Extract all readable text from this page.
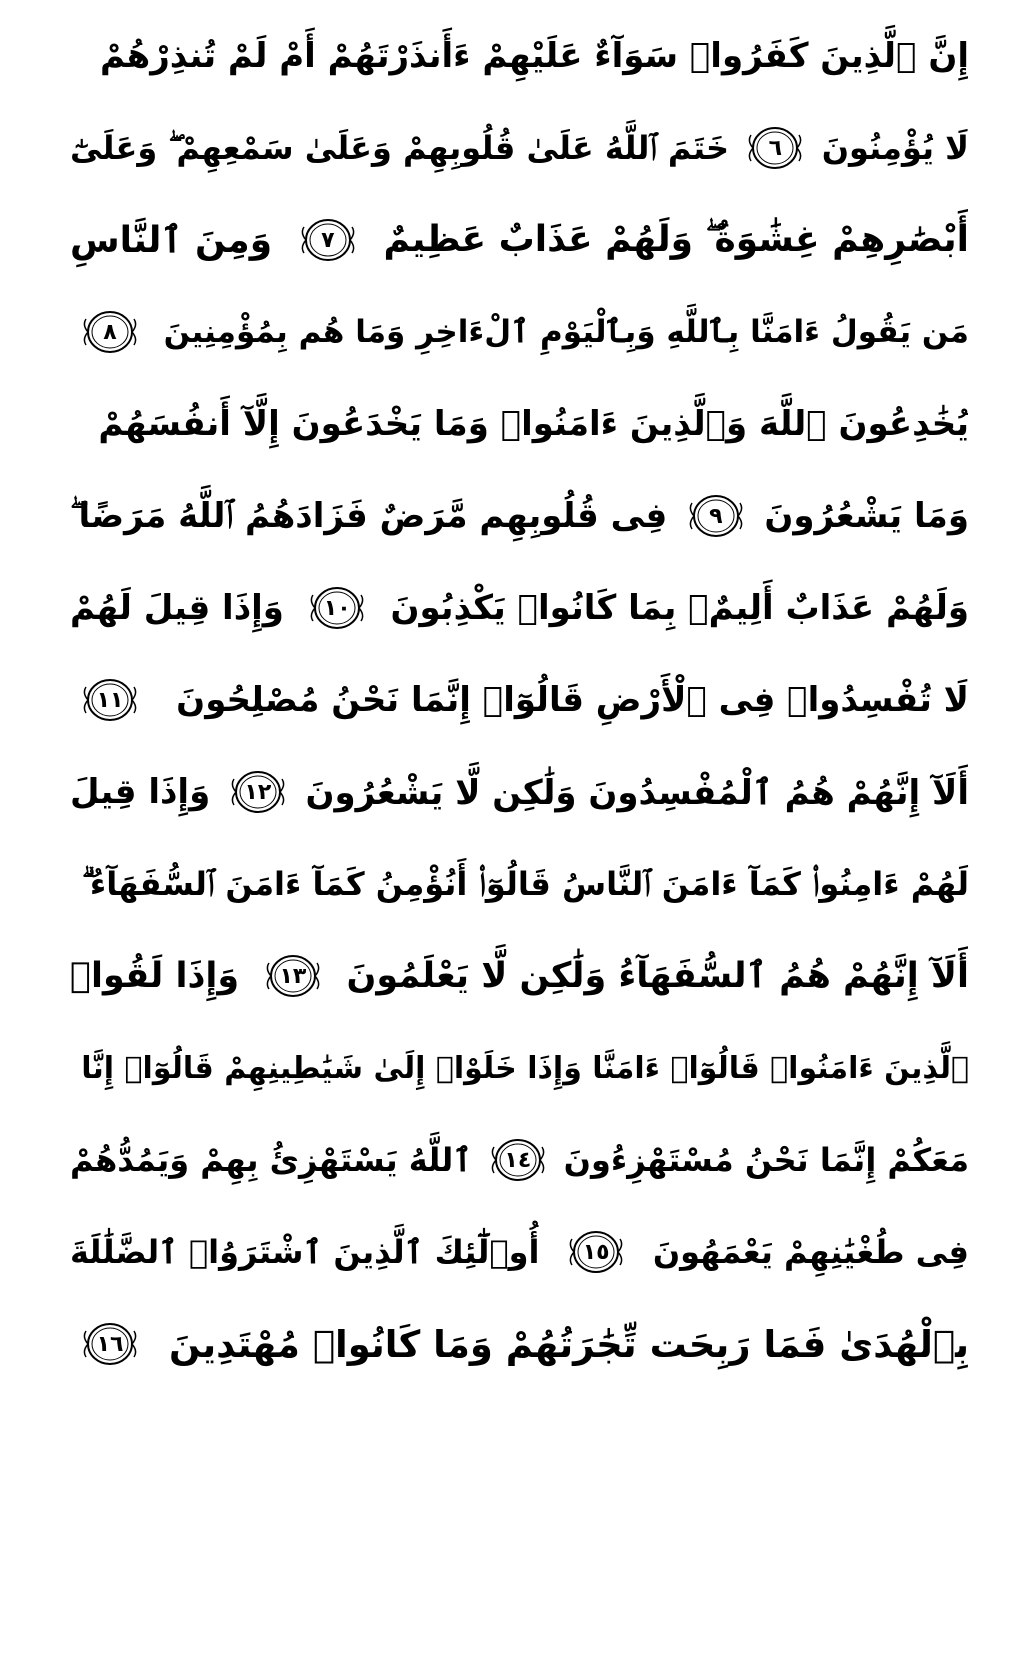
إِنَّ ٱلَّذِينَ كَفَرُوا۟ سَوَآءٌ عَلَيْهِمْ ءَأَنذَرْتَهُمْ أَمْ لَمْ تُنذِرْهُمْ
لَا يُؤْمِنُونَ
٦
خَتَمَ ٱللَّهُ عَلَىٰ قُلُوبِهِمْ وَعَلَىٰ سَمْعِهِمْ ۖ وَعَلَىٰٓ
أَبْصَٰرِهِمْ غِشَٰوَةٌ ۖ وَلَهُمْ عَذَابٌ عَظِيمٌ
٧
وَمِنَ ٱلنَّاسِ
مَن يَقُولُ ءَامَنَّا بِٱللَّهِ وَبِٱلْيَوْمِ ٱلْءَاخِرِ وَمَا هُم بِمُؤْمِنِينَ
٨
يُخَٰدِعُونَ ٱللَّهَ وَٱلَّذِينَ ءَامَنُوا۟ وَمَا يَخْدَعُونَ إِلَّآ أَنفُسَهُمْ
وَمَا يَشْعُرُونَ
٩
فِى قُلُوبِهِم مَّرَضٌ فَزَادَهُمُ ٱللَّهُ مَرَضًا ۖ
وَلَهُمْ عَذَابٌ أَلِيمٌۢ بِمَا كَانُوا۟ يَكْذِبُونَ
١٠
وَإِذَا قِيلَ لَهُمْ
لَا تُفْسِدُوا۟ فِى ٱلْأَرْضِ قَالُوٓا۟ إِنَّمَا نَحْنُ مُصْلِحُونَ
١١
أَلَآ إِنَّهُمْ هُمُ ٱلْمُفْسِدُونَ وَلَٰكِن لَّا يَشْعُرُونَ
١٢
وَإِذَا قِيلَ
لَهُمْ ءَامِنُوا۟ كَمَآ ءَامَنَ ٱلنَّاسُ قَالُوٓا۟ أَنُؤْمِنُ كَمَآ ءَامَنَ ٱلسُّفَهَآءُ ۗ
أَلَآ إِنَّهُمْ هُمُ ٱلسُّفَهَآءُ وَلَٰكِن لَّا يَعْلَمُونَ
١٣
وَإِذَا لَقُوا۟
ٱلَّذِينَ ءَامَنُوا۟ قَالُوٓا۟ ءَامَنَّا وَإِذَا خَلَوْا۟ إِلَىٰ شَيَٰطِينِهِمْ قَالُوٓا۟ إِنَّا
مَعَكُمْ إِنَّمَا نَحْنُ مُسْتَهْزِءُونَ
١٤
ٱللَّهُ يَسْتَهْزِئُ بِهِمْ وَيَمُدُّهُمْ
فِى طُغْيَٰنِهِمْ يَعْمَهُونَ
١٥
أُو۟لَٰٓئِكَ ٱلَّذِينَ ٱشْتَرَوُا۟ ٱلضَّلَٰلَةَ
بِٱلْهُدَىٰ فَمَا رَبِحَت تِّجَٰرَتُهُمْ وَمَا كَانُوا۟ مُهْتَدِينَ
١٦
